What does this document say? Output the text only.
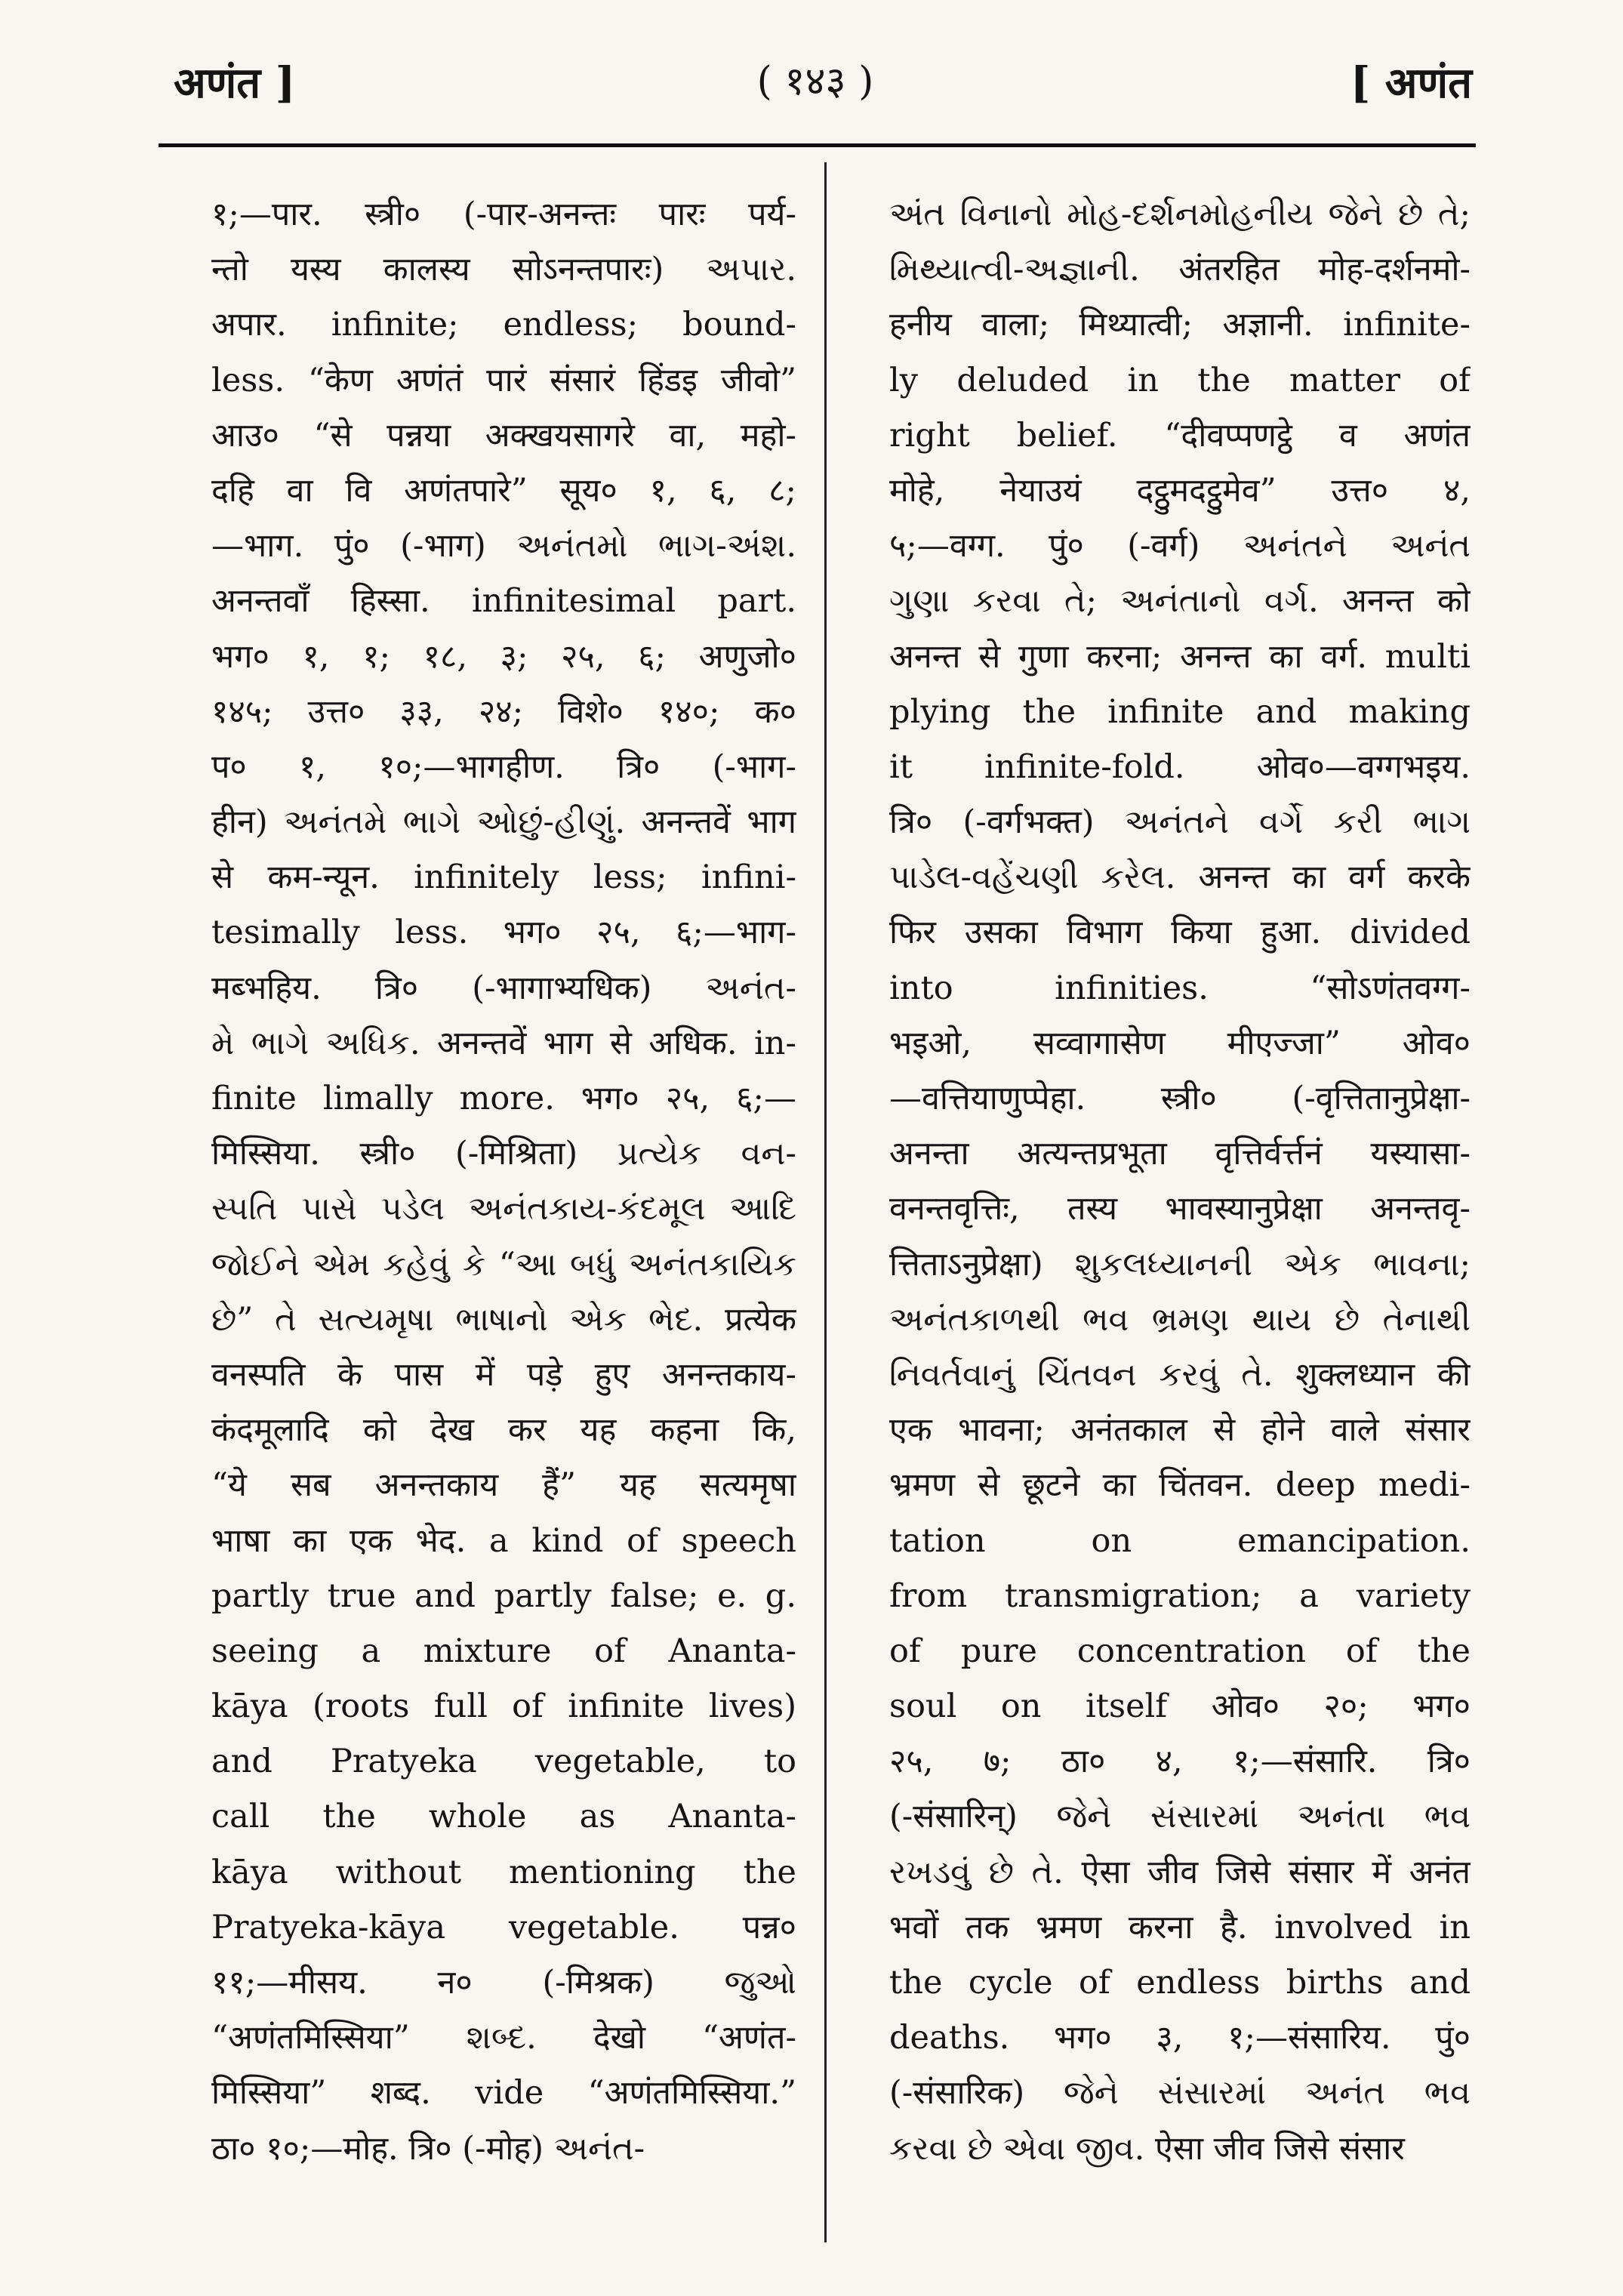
अणंत ]	( १४३ )	[ अणंत
१;—पार. स्त्री० (-पार-अनन्तः पारः पर्य-
न्तो यस्य कालस्य सोऽनन्तपारः) અપાર.
अपार. infinite; endless; bound-
less. “केण अणंतं पारं संसारं हिंडइ जीवो”
आउ० “से पन्नया अक्खयसागरे वा, महो-
दहि वा वि अणंतपारे” सूय० १, ६, ८;
—भाग. पुं० (-भाग) અનંતમો ભાગ-અંશ.
अनन्तवाँ हिस्सा. infinitesimal part.
भग० १, १; १८, ३; २५, ६; अणुजो०
१४५; उत्त० ३३, २४; विशे० १४०; क०
प० १, १०;—भागहीण. त्रि० (-भाग-
हीन) અનંતમે ભાગે ઓછું-હીણું. अनन्तवें भाग
से कम-न्यून. infinitely less; infini-
tesimally less. भग० २५, ६;—भाग-
मब्भहिय. त्रि० (-भागाभ्यधिक) અનંત-
મે ભાગે અધિક. अनन्तवें भाग से अधिक. in-
finite limally more. भग० २५, ६;—
मिस्सिया. स्त्री० (-मिश्रिता) પ્રત્યેક વન-
સ્પતિ પાસે પડેલ અનંતકાય-કંદમૂલ આદિ
જોઈને એમ કહેવું કે “આ બધું અનંતકાયિક
છે” તે સત્યમૃષા ભાષાનો એક ભેદ. प्रत्येक
वनस्पति के पास में पड़े हुए अनन्तकाय-
कंदमूलादि को देख कर यह कहना कि,
“ये सब अनन्तकाय हैं” यह सत्यमृषा
भाषा का एक भेद. a kind of speech
partly true and partly false; e. g.
seeing a mixture of Ananta-
kāya (roots full of infinite lives)
and Pratyeka vegetable, to
call the whole as Ananta-
kāya without mentioning the
Pratyeka-kāya vegetable. पन्न०
११;—मीसय. न० (-मिश्रक) જુઓ
“अणंतमिस्सिया” શબ્દ. देखो “अणंत-
मिस्सिया” शब्द. vide “अणंतमिस्सिया.”
ठा० १०;—मोह. त्रि० (-मोह) અનંત-
અંત વિનાનો મોહ-દર્શનમોહનીય જેને છે તે;
મિથ્યાત્વી-અજ્ઞાની. अंतरहित मोह-दर्शनमो-
हनीय वाला; मिथ्यात्वी; अज्ञानी. infinite-
ly deluded in the matter of
right belief. “दीवप्पणट्ठे व अणंत
मोहे, नेयाउयं दट्ठुमदट्ठुमेव” उत्त० ४,
५;—वग्ग. पुं० (-वर्ग) અનંતને અનંત
ગુણા કરવા તે; અનંતાનો વર્ગ. अनन्त को
अनन्त से गुणा करना; अनन्त का वर्ग. multi
plying the infinite and making
it infinite-fold. ओव०—वग्गभइय.
त्रि० (-वर्गभक्त) અનંતને વર્ગે કરી ભાગ
પાડેલ-વહેંચણી કરેલ. अनन्त का वर्ग करके
फिर उसका विभाग किया हुआ. divided
into infinities. “सोऽणंतवग्ग-
भइओ, सव्वागासेण मीएज्जा” ओव०
—वत्तियाणुप्पेहा. स्त्री० (-वृत्तितानुप्रेक्षा-
अनन्ता अत्यन्तप्रभूता वृत्तिर्वर्त्तनं यस्यासा-
वनन्तवृत्तिः, तस्य भावस्यानुप्रेक्षा अनन्तवृ-
त्तिताऽनुप्रेक्षा) શુકલધ્યાનની એક ભાવના;
અનંતકાળથી ભવ ભ્રમણ થાય છે તેનાથી
નિવર્તવાનું ચિંતવન કરવું તે. शुक्लध्यान की
एक भावना; अनंतकाल से होने वाले संसार
भ्रमण से छूटने का चिंतवन. deep medi-
tation on emancipation.
from transmigration; a variety
of pure concentration of the
soul on itself ओव० २०; भग०
२५, ७; ठा० ४, १;—संसारि. त्रि०
(-संसारिन्) જેને સંસારમાં અનંતા ભવ
રખડવું છે તે. ऐसा जीव जिसे संसार में अनंत
भवों तक भ्रमण करना है. involved in
the cycle of endless births and
deaths. भग० ३, १;—संसारिय. पुं०
(-संसारिक) જેને સંસારમાં અનંત ભવ
કરવા છે એવા જીવ. ऐसा जीव जिसे संसार
